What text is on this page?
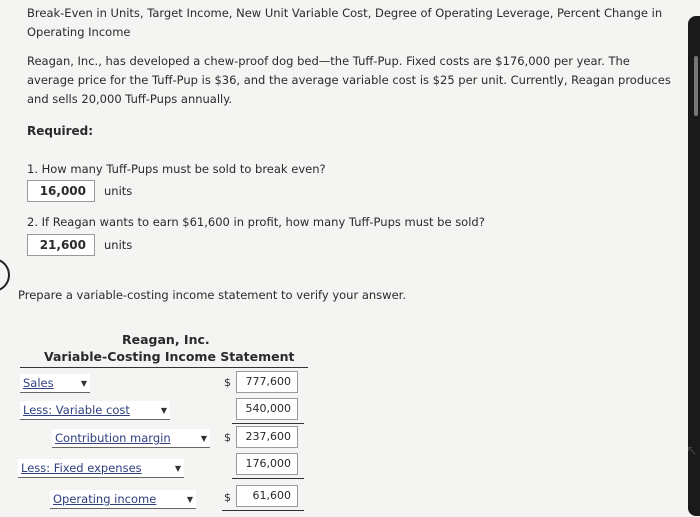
Break-Even in Units, Target Income, New Unit Variable Cost, Degree of Operating Leverage, Percent Change in Operating Income
Reagan, Inc., has developed a chew-proof dog bed—the Tuff-Pup. Fixed costs are $176,000 per year. The average price for the Tuff-Pup is $36, and the average variable cost is $25 per unit. Currently, Reagan produces and sells 20,000 Tuff-Pups annually.
Required:
1. How many Tuff-Pups must be sold to break even?
16,000	units
2. If Reagan wants to earn $61,600 in profit, how many Tuff-Pups must be sold?
21,600	units
Prepare a variable-costing income statement to verify your answer.
Reagan, Inc.
Variable-Costing Income Statement
Sales	▼	$	777,600
Less: Variable cost	▼	540,000
Contribution margin	▼ $	237,600
Less: Fixed expenses	▼	176,000
Operating income	▼	$	61,600
↖
